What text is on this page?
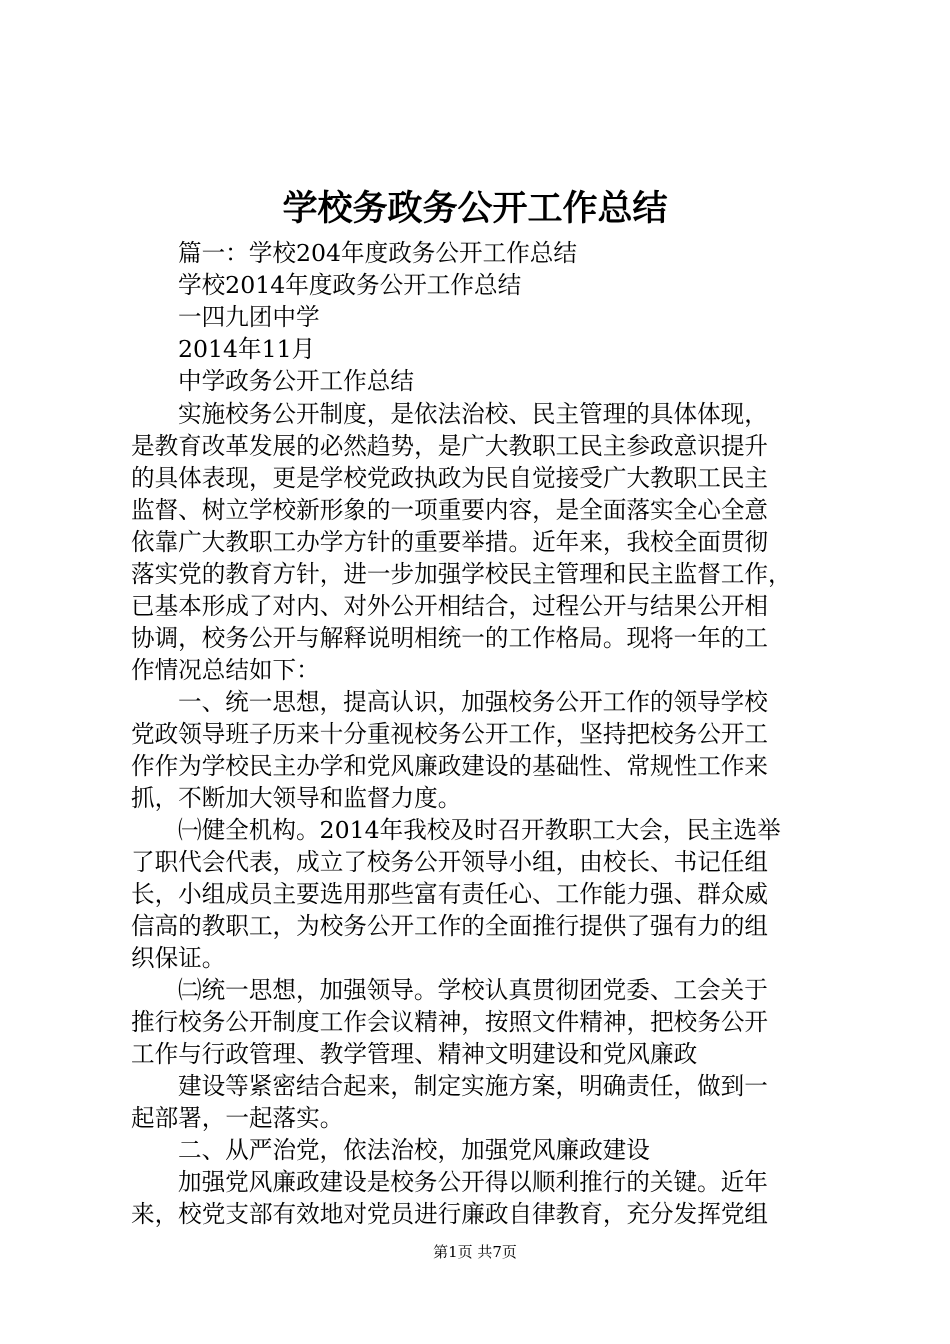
学校务政务公开工作总结

篇一：学校204年度政务公开工作总结

学校2014年度政务公开工作总结

一四九团中学

2014年11月

中学政务公开工作总结

实施校务公开制度，是依法治校、民主管理的具体体现，

是教育改革发展的必然趋势，是广大教职工民主参政意识提升

的具体表现，更是学校党政执政为民自觉接受广大教职工民主

监督、树立学校新形象的一项重要内容，是全面落实全心全意

依靠广大教职工办学方针的重要举措。近年来，我校全面贯彻

落实党的教育方针，进一步加强学校民主管理和民主监督工作，

已基本形成了对内、对外公开相结合，过程公开与结果公开相

协调，校务公开与解释说明相统一的工作格局。现将一年的工

作情况总结如下：

一、统一思想，提高认识，加强校务公开工作的领导学校

党政领导班子历来十分重视校务公开工作，坚持把校务公开工

作作为学校民主办学和党风廉政建设的基础性、常规性工作来

抓，不断加大领导和监督力度。

㈠健全机构。2014年我校及时召开教职工大会，民主选举

了职代会代表，成立了校务公开领导小组，由校长、书记任组

长，小组成员主要选用那些富有责任心、工作能力强、群众威

信高的教职工，为校务公开工作的全面推行提供了强有力的组

织保证。

㈡统一思想，加强领导。学校认真贯彻团党委、工会关于

推行校务公开制度工作会议精神，按照文件精神，把校务公开

工作与行政管理、教学管理、精神文明建设和党风廉政

建设等紧密结合起来，制定实施方案，明确责任，做到一

起部署，一起落实。

二、从严治党，依法治校，加强党风廉政建设

加强党风廉政建设是校务公开得以顺利推行的关键。近年

来，校党支部有效地对党员进行廉政自律教育，充分发挥党组

第1页 共7页
